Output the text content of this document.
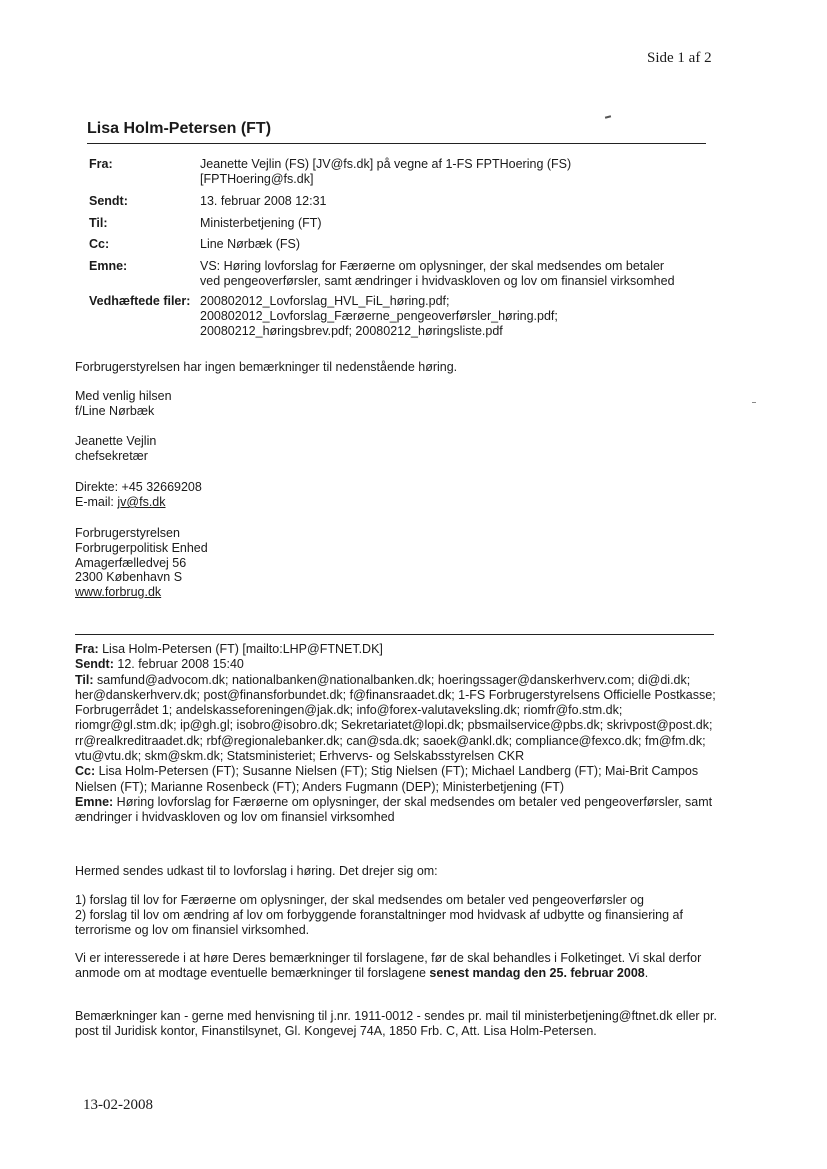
Side 1 af 2
Lisa Holm-Petersen (FT)
Fra:	Jeanette Vejlin (FS) [JV@fs.dk] på vegne af 1-FS FPTHoering (FS)
[FPTHoering@fs.dk]
Sendt:	13. februar 2008 12:31
Til:	Ministerbetjening (FT)
Cc:	Line Nørbæk (FS)
Emne:	VS: Høring lovforslag for Færøerne om oplysninger, der skal medsendes om betaler
ved pengeoverførsler, samt ændringer i hvidvaskloven og lov om finansiel virksomhed
Vedhæftede filer: 200802012_Lovforslag_HVL_FiL_høring.pdf;
200802012_Lovforslag_Færøerne_pengeoverførsler_høring.pdf;
20080212_høringsbrev.pdf; 20080212_høringsliste.pdf
Forbrugerstyrelsen har ingen bemærkninger til nedenstående høring.
Med venlig hilsen
f/Line Nørbæk
Jeanette Vejlin
chefsekretær
Direkte: +45 32669208
E-mail: jv@fs.dk
Forbrugerstyrelsen
Forbrugerpolitisk Enhed
Amagerfælledvej 56
2300 København S
www.forbrug.dk
Fra: Lisa Holm-Petersen (FT) [mailto:LHP@FTNET.DK]
Sendt: 12. februar 2008 15:40
Til: samfund@advocom.dk; nationalbanken@nationalbanken.dk; hoeringssager@danskerhverv.com; di@di.dk; her@danskerhverv.dk; post@finansforbundet.dk; f@finansraadet.dk; 1-FS Forbrugerstyrelsens Officielle Postkasse; Forbrugerrådet 1; andelskasseforeningen@jak.dk; info@forex-valutaveksling.dk; riomfr@fo.stm.dk; riomgr@gl.stm.dk; ip@gh.gl; isobro@isobro.dk; Sekretariatet@lopi.dk; pbsmailservice@pbs.dk; skrivpost@post.dk; rr@realkreditraadet.dk; rbf@regionalebanker.dk; can@sda.dk; saoek@ankl.dk; compliance@fexco.dk; fm@fm.dk; vtu@vtu.dk; skm@skm.dk; Statsministeriet; Erhvervs- og Selskabsstyrelsen CKR
Cc: Lisa Holm-Petersen (FT); Susanne Nielsen (FT); Stig Nielsen (FT); Michael Landberg (FT); Mai-Brit Campos Nielsen (FT); Marianne Rosenbeck (FT); Anders Fugmann (DEP); Ministerbetjening (FT)
Emne: Høring lovforslag for Færøerne om oplysninger, der skal medsendes om betaler ved pengeoverførsler, samt ændringer i hvidvaskloven og lov om finansiel virksomhed
Hermed sendes udkast til to lovforslag i høring. Det drejer sig om:
1) forslag til lov for Færøerne om oplysninger, der skal medsendes om betaler ved pengeoverførsler og
2) forslag til lov om ændring af lov om forbyggende foranstaltninger mod hvidvask af udbytte og finansiering af terrorisme og lov om finansiel virksomhed.
Vi er interesserede i at høre Deres bemærkninger til forslagene, før de skal behandles i Folketinget. Vi skal derfor anmode om at modtage eventuelle bemærkninger til forslagene senest mandag den 25. februar 2008.
Bemærkninger kan - gerne med henvisning til j.nr. 1911-0012 - sendes pr. mail til ministerbetjening@ftnet.dk eller pr. post til Juridisk kontor, Finanstilsynet, Gl. Kongevej 74A, 1850 Frb. C, Att. Lisa Holm-Petersen.
13-02-2008
